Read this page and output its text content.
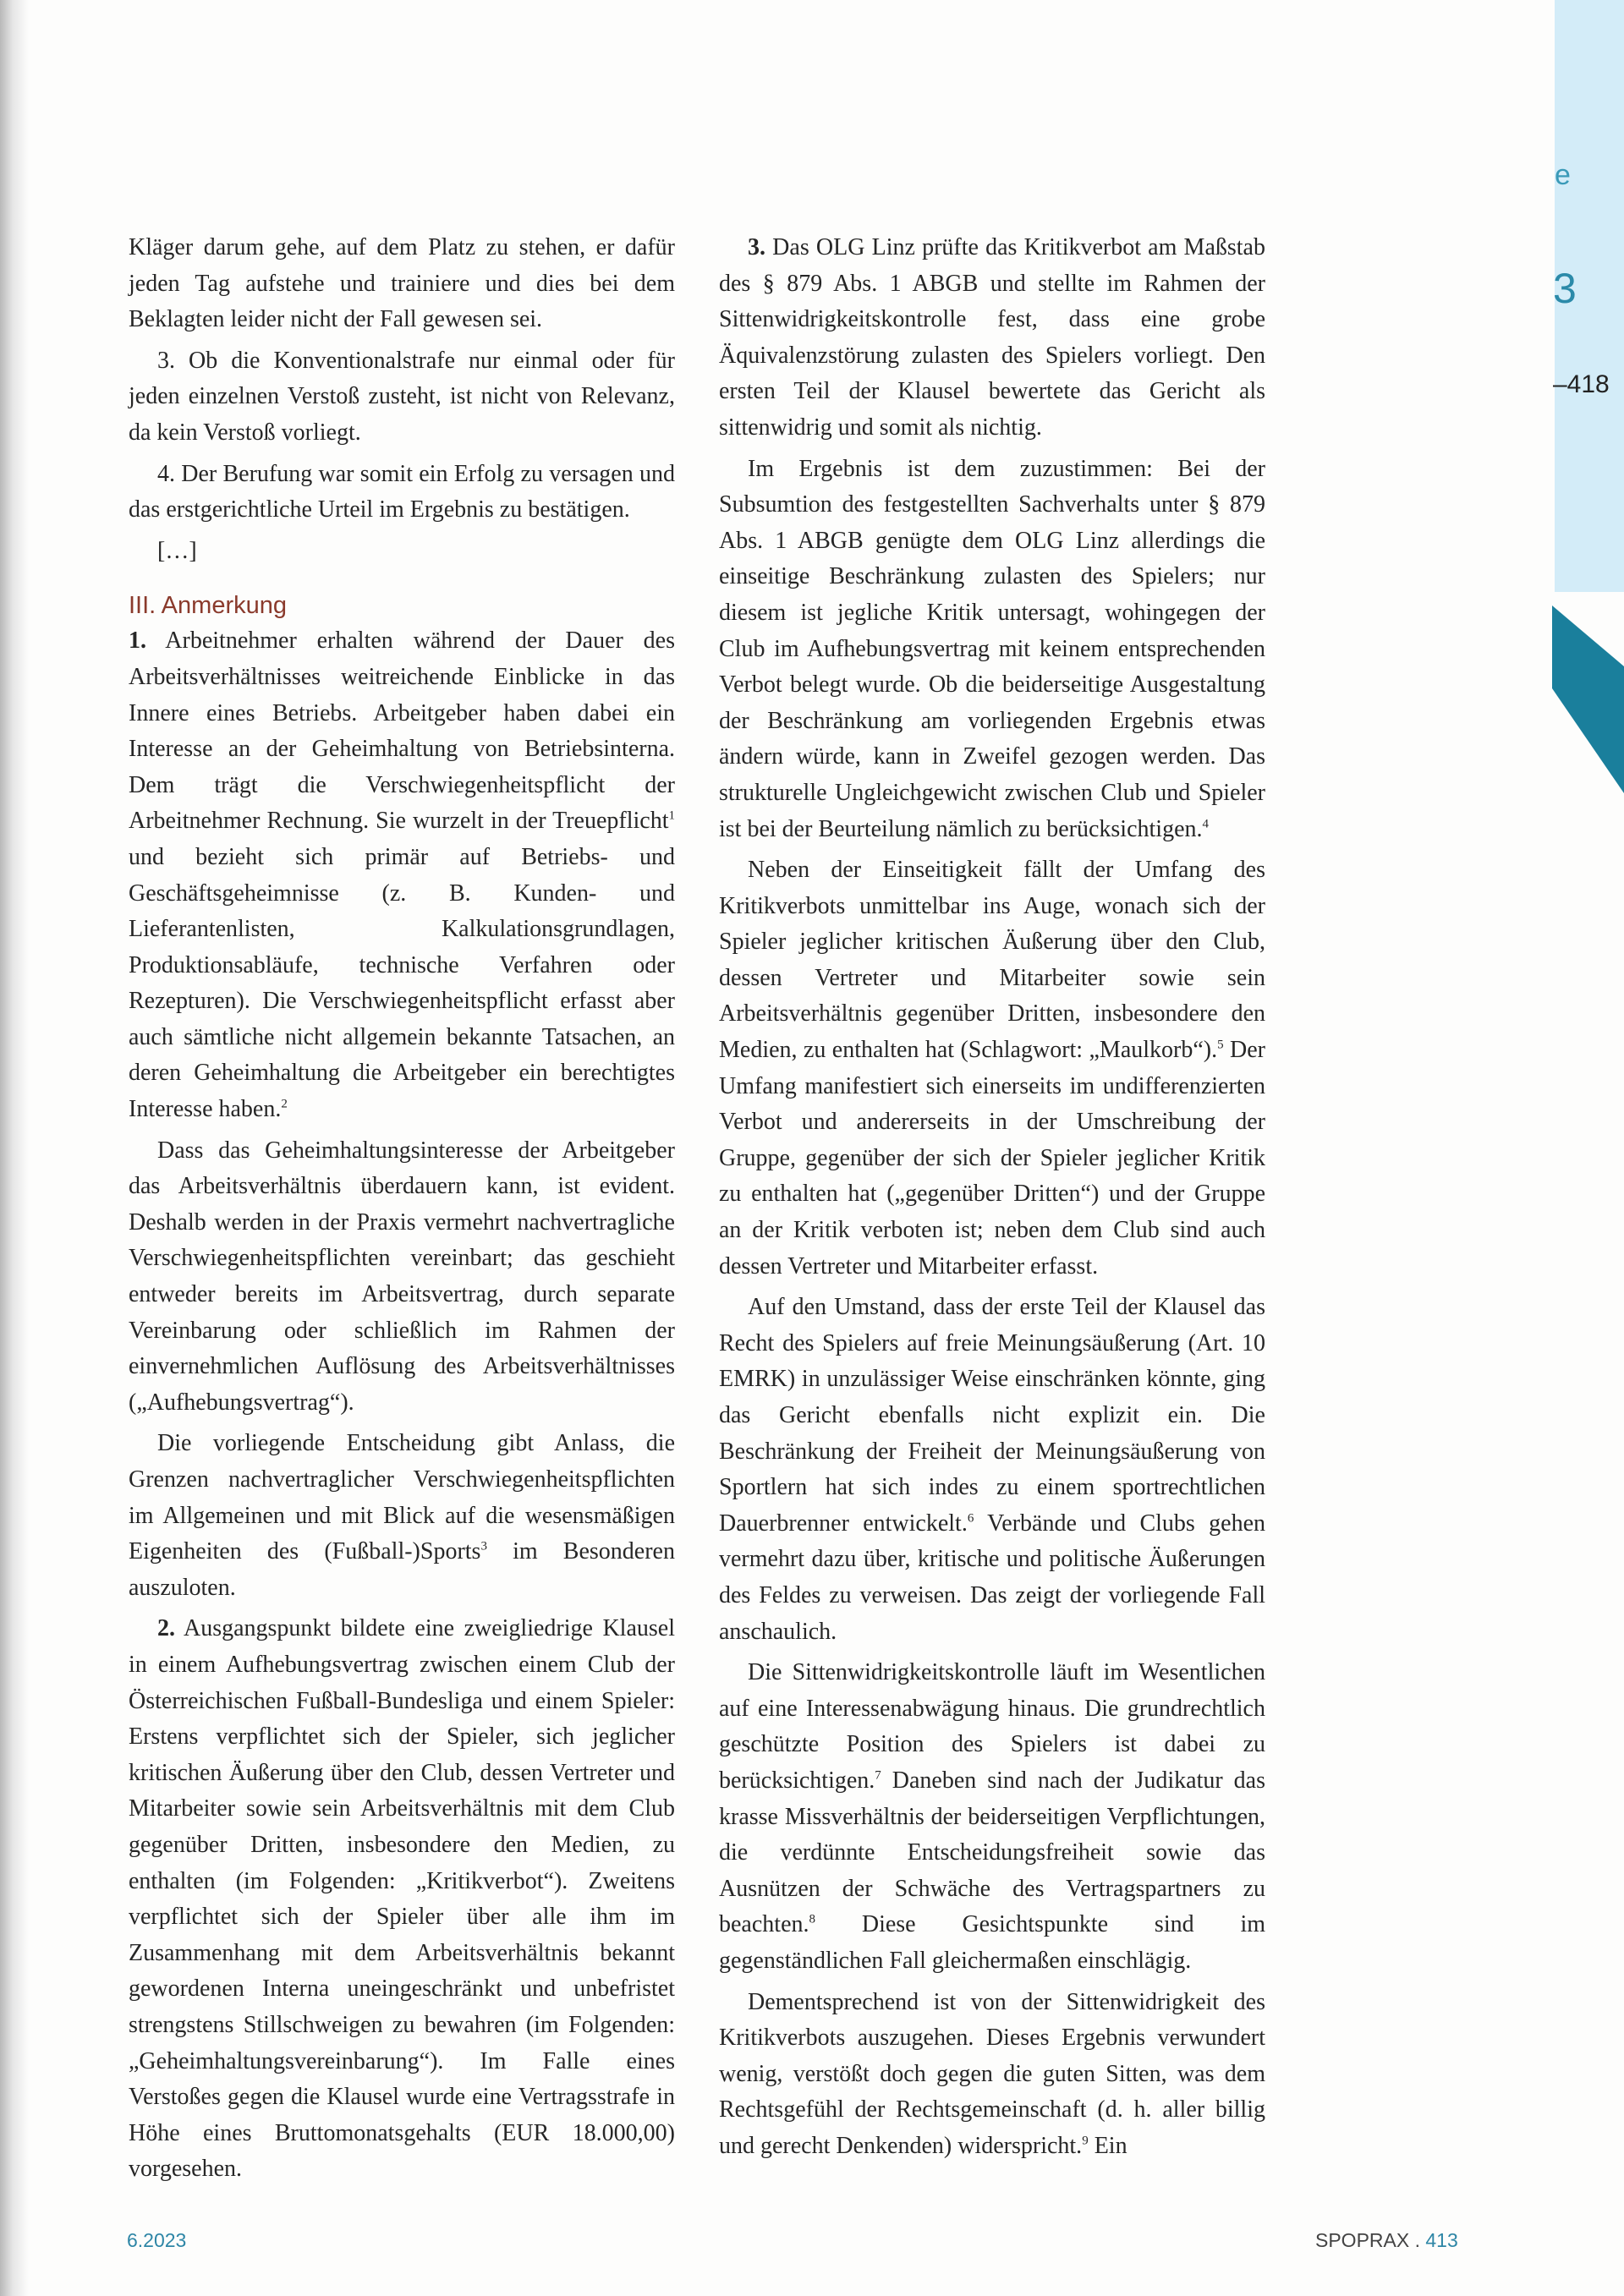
e
3
–418

Kläger darum gehe, auf dem Platz zu stehen, er dafür jeden Tag aufstehe und trainiere und dies bei dem Beklagten leider nicht der Fall gewesen sei.

3. Ob die Konventionalstrafe nur einmal oder für jeden einzelnen Verstoß zusteht, ist nicht von Relevanz, da kein Verstoß vorliegt.

4. Der Berufung war somit ein Erfolg zu versagen und das erstgerichtliche Urteil im Ergebnis zu bestätigen.

[…]

III. Anmerkung

1. Arbeitnehmer erhalten während der Dauer des Arbeitsverhältnisses weitreichende Einblicke in das Innere eines Betriebs. Arbeitgeber haben dabei ein Interesse an der Geheimhaltung von Betriebsinterna. Dem trägt die Verschwiegenheitspflicht der Arbeitnehmer Rechnung. Sie wurzelt in der Treuepflicht$^1$ und bezieht sich primär auf Betriebs- und Geschäftsgeheimnisse (z. B. Kunden- und Lieferantenlisten, Kalkulationsgrundlagen, Produktionsabläufe, technische Verfahren oder Rezepturen). Die Verschwiegenheitspflicht erfasst aber auch sämtliche nicht allgemein bekannte Tatsachen, an deren Geheimhaltung die Arbeitgeber ein berechtigtes Interesse haben.$^2$

Dass das Geheimhaltungsinteresse der Arbeitgeber das Arbeitsverhältnis überdauern kann, ist evident. Deshalb werden in der Praxis vermehrt nachvertragliche Verschwiegenheitspflichten vereinbart; das geschieht entweder bereits im Arbeitsvertrag, durch separate Vereinbarung oder schließlich im Rahmen der einvernehmlichen Auflösung des Arbeitsverhältnisses („Aufhebungsvertrag“).

Die vorliegende Entscheidung gibt Anlass, die Grenzen nachvertraglicher Verschwiegenheitspflichten im Allgemeinen und mit Blick auf die wesensmäßigen Eigenheiten des (Fußball-)Sports$^3$ im Besonderen auszuloten.

2. Ausgangspunkt bildete eine zweigliedrige Klausel in einem Aufhebungsvertrag zwischen einem Club der Österreichischen Fußball-Bundesliga und einem Spieler: Erstens verpflichtet sich der Spieler, sich jeglicher kritischen Äußerung über den Club, dessen Vertreter und Mitarbeiter sowie sein Arbeitsverhältnis mit dem Club gegenüber Dritten, insbesondere den Medien, zu enthalten (im Folgenden: „Kritikverbot“). Zweitens verpflichtet sich der Spieler über alle ihm im Zusammenhang mit dem Arbeitsverhältnis bekannt gewordenen Interna uneingeschränkt und unbefristet strengstens Stillschweigen zu bewahren (im Folgenden: „Geheimhaltungsvereinbarung“). Im Falle eines Verstoßes gegen die Klausel wurde eine Vertragsstrafe in Höhe eines Bruttomonatsgehalts (EUR 18.000,00) vorgesehen.

3. Das OLG Linz prüfte das Kritikverbot am Maßstab des § 879 Abs. 1 ABGB und stellte im Rahmen der Sittenwidrigkeitskontrolle fest, dass eine grobe Äquivalenzstörung zulasten des Spielers vorliegt. Den ersten Teil der Klausel bewertete das Gericht als sittenwidrig und somit als nichtig.

Im Ergebnis ist dem zuzustimmen: Bei der Subsumtion des festgestellten Sachverhalts unter § 879 Abs. 1 ABGB genügte dem OLG Linz allerdings die einseitige Beschränkung zulasten des Spielers; nur diesem ist jegliche Kritik untersagt, wohingegen der Club im Aufhebungsvertrag mit keinem entsprechenden Verbot belegt wurde. Ob die beiderseitige Ausgestaltung der Beschränkung am vorliegenden Ergebnis etwas ändern würde, kann in Zweifel gezogen werden. Das strukturelle Ungleichgewicht zwischen Club und Spieler ist bei der Beurteilung nämlich zu berücksichtigen.$^4$

Neben der Einseitigkeit fällt der Umfang des Kritikverbots unmittelbar ins Auge, wonach sich der Spieler jeglicher kritischen Äußerung über den Club, dessen Vertreter und Mitarbeiter sowie sein Arbeitsverhältnis gegenüber Dritten, insbesondere den Medien, zu enthalten hat (Schlagwort: „Maulkorb“).$^5$ Der Umfang manifestiert sich einerseits im undifferenzierten Verbot und andererseits in der Umschreibung der Gruppe, gegenüber der sich der Spieler jeglicher Kritik zu enthalten hat („gegenüber Dritten“) und der Gruppe an der Kritik verboten ist; neben dem Club sind auch dessen Vertreter und Mitarbeiter erfasst.

Auf den Umstand, dass der erste Teil der Klausel das Recht des Spielers auf freie Meinungsäußerung (Art. 10 EMRK) in unzulässiger Weise einschränken könnte, ging das Gericht ebenfalls nicht explizit ein. Die Beschränkung der Freiheit der Meinungsäußerung von Sportlern hat sich indes zu einem sportrechtlichen Dauerbrenner entwickelt.$^6$ Verbände und Clubs gehen vermehrt dazu über, kritische und politische Äußerungen des Feldes zu verweisen. Das zeigt der vorliegende Fall anschaulich.

Die Sittenwidrigkeitskontrolle läuft im Wesentlichen auf eine Interessenabwägung hinaus. Die grundrechtlich geschützte Position des Spielers ist dabei zu berücksichtigen.$^7$ Daneben sind nach der Judikatur das krasse Missverhältnis der beiderseitigen Verpflichtungen, die verdünnte Entscheidungsfreiheit sowie das Ausnützen der Schwäche des Vertragspartners zu beachten.$^8$ Diese Gesichtspunkte sind im gegenständlichen Fall gleichermaßen einschlägig.

Dementsprechend ist von der Sittenwidrigkeit des Kritikverbots auszugehen. Dieses Ergebnis verwundert wenig, verstößt doch gegen die guten Sitten, was dem Rechtsgefühl der Rechtsgemeinschaft (d. h. aller billig und gerecht Denkenden) widerspricht.$^9$ Ein

6.2023	SPOPRAX . 413
